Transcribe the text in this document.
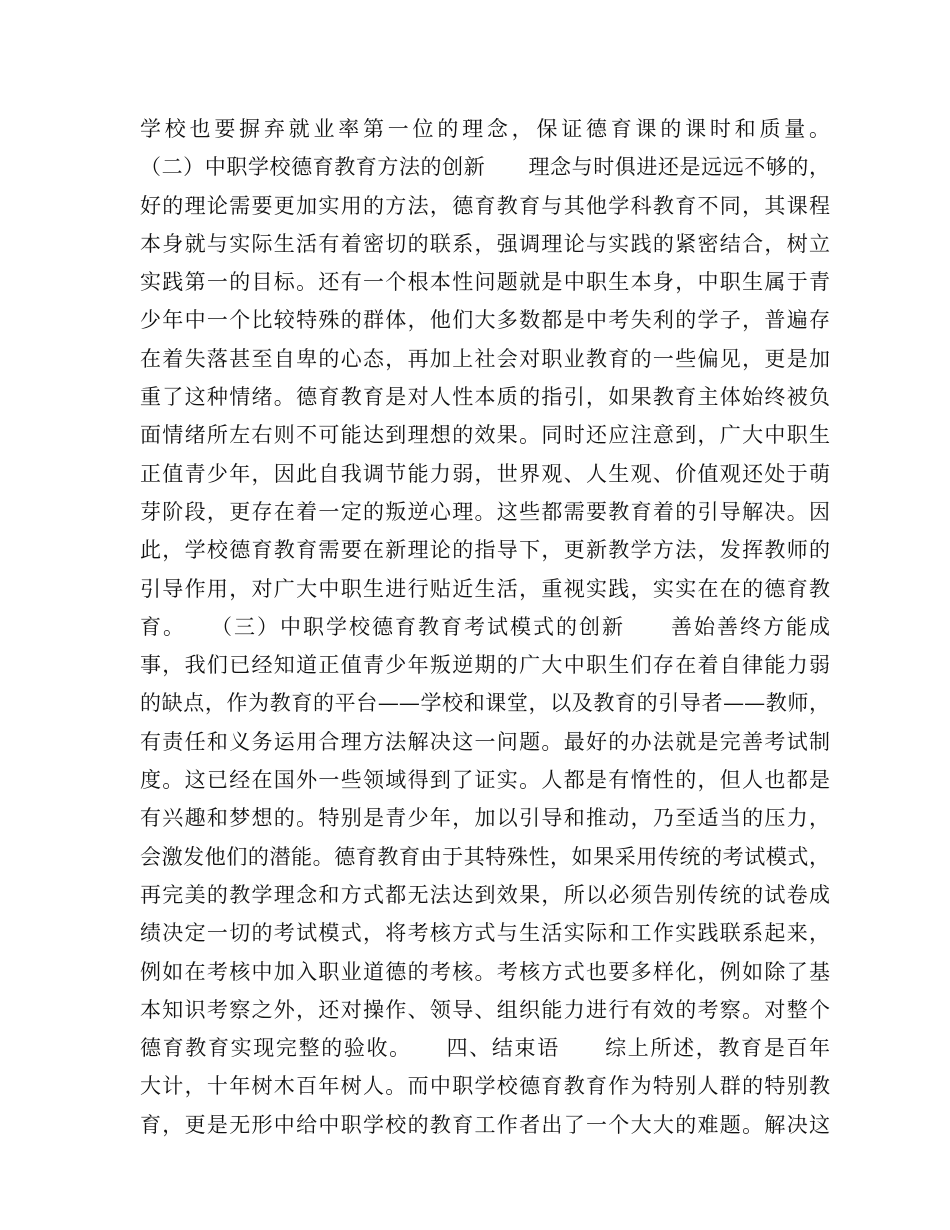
学校也要摒弃就业率第一位的理念，保证德育课的课时和质量。
（二）中职学校德育教育方法的创新　　理念与时俱进还是远远不够的，
好的理论需要更加实用的方法，德育教育与其他学科教育不同，其课程
本身就与实际生活有着密切的联系，强调理论与实践的紧密结合，树立
实践第一的目标。还有一个根本性问题就是中职生本身，中职生属于青
少年中一个比较特殊的群体，他们大多数都是中考失利的学子，普遍存
在着失落甚至自卑的心态，再加上社会对职业教育的一些偏见，更是加
重了这种情绪。德育教育是对人性本质的指引，如果教育主体始终被负
面情绪所左右则不可能达到理想的效果。同时还应注意到，广大中职生
正值青少年，因此自我调节能力弱，世界观、人生观、价值观还处于萌
芽阶段，更存在着一定的叛逆心理。这些都需要教育着的引导解决。因
此，学校德育教育需要在新理论的指导下，更新教学方法，发挥教师的
引导作用，对广大中职生进行贴近生活，重视实践，实实在在的德育教
育。　　（三）中职学校德育教育考试模式的创新　　善始善终方能成
事，我们已经知道正值青少年叛逆期的广大中职生们存在着自律能力弱
的缺点，作为教育的平台——学校和课堂，以及教育的引导者——教师，
有责任和义务运用合理方法解决这一问题。最好的办法就是完善考试制
度。这已经在国外一些领域得到了证实。人都是有惰性的，但人也都是
有兴趣和梦想的。特别是青少年，加以引导和推动，乃至适当的压力，
会激发他们的潜能。德育教育由于其特殊性，如果采用传统的考试模式，
再完美的教学理念和方式都无法达到效果，所以必须告别传统的试卷成
绩决定一切的考试模式，将考核方式与生活实际和工作实践联系起来，
例如在考核中加入职业道德的考核。考核方式也要多样化，例如除了基
本知识考察之外，还对操作、领导、组织能力进行有效的考察。对整个
德育教育实现完整的验收。　　四、结束语　　综上所述，教育是百年
大计，十年树木百年树人。而中职学校德育教育作为特别人群的特别教
育，更是无形中给中职学校的教育工作者出了一个大大的难题。解决这
